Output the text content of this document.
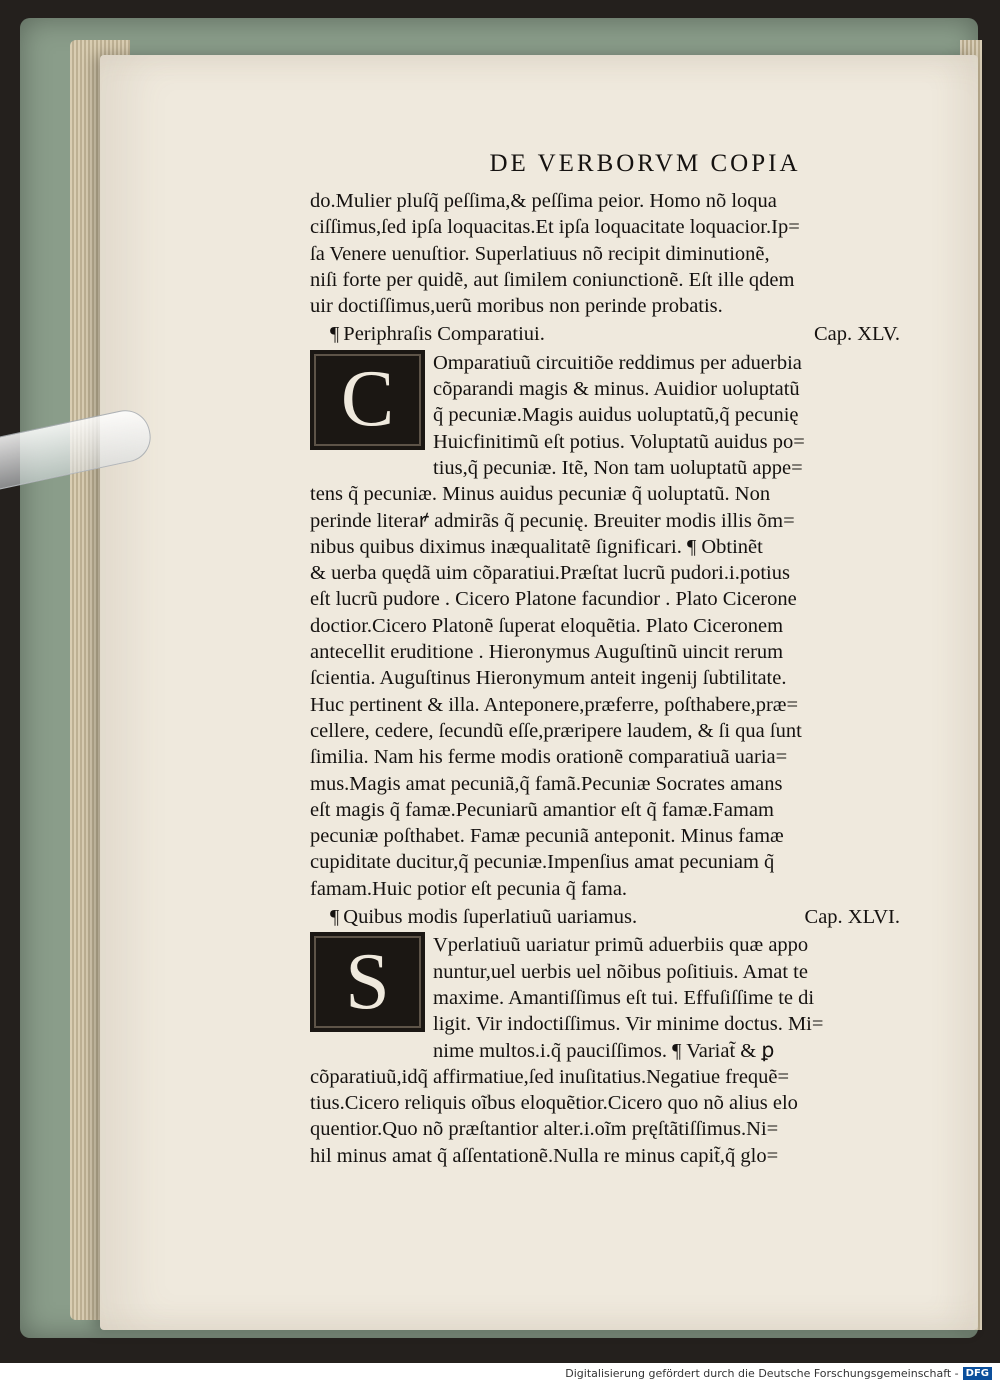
DE VERBORVM COPIA
do.Mulier pluſq̃ peſſima,& peſſima peior. Homo nõ loqua
ciſſimus,ſed ipſa loquacitas.Et ipſa loquacitate loquacior.Ip=
ſa Venere uenuſtior. Superlatiuus nõ recipit diminutionẽ,
niſi forte per quidẽ, aut ſimilem coniunctionẽ. Eſt ille qdem
uir doctiſſimus,uerũ moribus non perinde probatis.
¶ Periphraſis Comparatiui.	Cap. XLV.
C	Omparatiuũ circuitiõe reddimus per aduerbia
cõparandi magis & minus. Auidior uoluptatũ
q̃ pecuniæ.Magis auidus uoluptatũ,q̃ pecunię
Huicfinitimũ eſt potius. Voluptatũ auidus po=
tius,q̃ pecuniæ. Itẽ, Non tam uoluptatũ appe=
tens q̃ pecuniæ. Minus auidus pecuniæ q̃ uoluptatũ. Non
perinde literaꝵ admirãs q̃ pecunię. Breuiter modis illis õm=
nibus quibus diximus inæqualitatẽ ſignificari. ¶ Obtinẽt
& uerba quędã uim cõparatiui.Præſtat lucrũ pudori.i.potius
eſt lucrũ pudore . Cicero Platone facundior . Plato Cicerone
doctior.Cicero Platonẽ ſuperat eloquẽtia. Plato Ciceronem
antecellit eruditione . Hieronymus Auguſtinũ uincit rerum
ſcientia. Auguſtinus Hieronymum anteit ingenĳ ſubtilitate.
Huc pertinent & illa. Anteponere,præferre, poſthabere,præ=
cellere, cedere, ſecundũ eſſe,præripere laudem, & ſi qua ſunt
ſimilia. Nam his ferme modis orationẽ comparatiuã uaria=
mus.Magis amat pecuniã,q̃ famã.Pecuniæ Socrates amans
eſt magis q̃ famæ.Pecuniarũ amantior eſt q̃ famæ.Famam
pecuniæ poſthabet. Famæ pecuniã anteponit. Minus famæ
cupiditate ducitur,q̃ pecuniæ.Impenſius amat pecuniam q̃
famam.Huic potior eſt pecunia q̃ fama.
¶ Quibus modis ſuperlatiuũ uariamus.	Cap. XLVI.
S	Vperlatiuũ uariatur primũ aduerbiis quæ appo
nuntur,uel uerbis uel nõibus poſitiuis. Amat te
maxime. Amantiſſimus eſt tui. Effuſiſſime te di
ligit. Vir indoctiſſimus. Vir minime doctus. Mi=
nime multos.i.q̃ pauciſſimos. ¶ Variat̃ & ꝑ
cõparatiuũ,idq̃ affirmatiue,ſed inuſitatius.Negatiue frequẽ=
tius.Cicero reliquis oĩbus eloquẽtior.Cicero quo nõ alius elo
quentior.Quo nõ præſtantior alter.i.oĩm pręſtãtiſſimus.Ni=
hil minus amat q̃ aſſentationẽ.Nulla re minus capit̃,q̃ glo=
Digitalisierung gefördert durch die Deutsche Forschungsgemeinschaft - DFG
